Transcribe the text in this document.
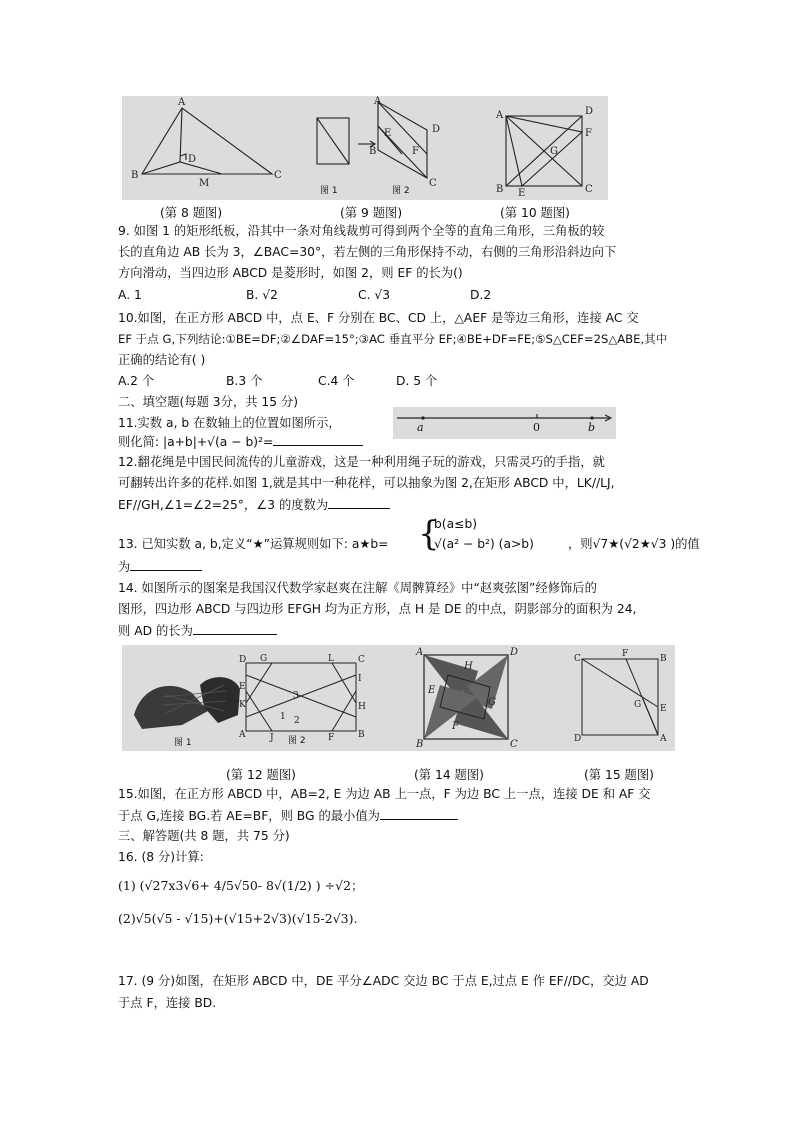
A
B	C
D
M
A
D
E
F
B
C
A	D
F
G
B E	C
图 1	图 2
(第 8 题图)	(第 9 题图)	(第 10 题图)
9. 如图 1 的矩形纸板，沿其中一条对角线裁剪可得到两个全等的直角三角形，三角板的较
长的直角边 AB 长为 3，∠BAC=30°，若左侧的三角形保持不动，右侧的三角形沿斜边向下
方向滑动，当四边形 ABCD 是菱形时，如图 2，则 EF 的长为()
A. 1	B. √2	C. √3	D.2
10.如图，在正方形 ABCD 中，点 E、F 分别在 BC、CD 上，△AEF 是等边三角形，连接 AC 交
EF 于点 G,下列结论:①BE=DF;②∠DAF=15°;③AC 垂直平分 EF;④BE+DF=FE;⑤S△CEF=2S△ABE,其中
正确的结论有( )
A.2 个	B.3 个	C.4 个	D. 5 个
二、填空题(每题 3分，共 15 分)
11.实数 a, b 在数轴上的位置如图所示，
则化简: |a+b|+√(a − b)²=
a	0	b
12.翻花绳是中国民间流传的儿童游戏，这是一种利用绳子玩的游戏，只需灵巧的手指，就
可翻转出许多的花样.如图 1,就是其中一种花样，可以抽象为图 2,在矩形 ABCD 中，LK//LJ,
EF//GH,∠1=∠2=25°，∠3 的度数为
13. 已知实数 a, b,定义“★”运算规则如下: a★b= {
b(a≤b)
√(a² − b²) (a>b)	，则√7★(√2★√3 )的值
为
14. 如图所示的图案是我国汉代数学家赵爽在注解《周髀算经》中“赵爽弦图”经修饰后的
图形，四边形 ABCD 与四边形 EFGH 均为正方形，点 H 是 DE 的中点，阴影部分的面积为 24,
则 AD 的长为
D G	L	C
E
I
3
K	H
1 2
A	J	F	B
A	D
H
E
G
F
B	C
C	F	B
G E
D	A
图 1	图 2
(第 12 题图)	(第 14 题图)	(第 15 题图)
15.如图，在正方形 ABCD 中，AB=2, E 为边 AB 上一点，F 为边 BC 上一点，连接 DE 和 AF 交
于点 G,连接 BG.若 AE=BF，则 BG 的最小值为
三、解答题(共 8 题，共 75 分)
16. (8 分)计算:
(1) (√27x3√6+ 4/5√50- 8√(1/2) ) ÷√2；
(2)√5(√5 - √15)+(√15+2√3)(√15-2√3).
17. (9 分)如图，在矩形 ABCD 中，DE 平分∠ADC 交边 BC 于点 E,过点 E 作 EF//DC，交边 AD
于点 F，连接 BD.
